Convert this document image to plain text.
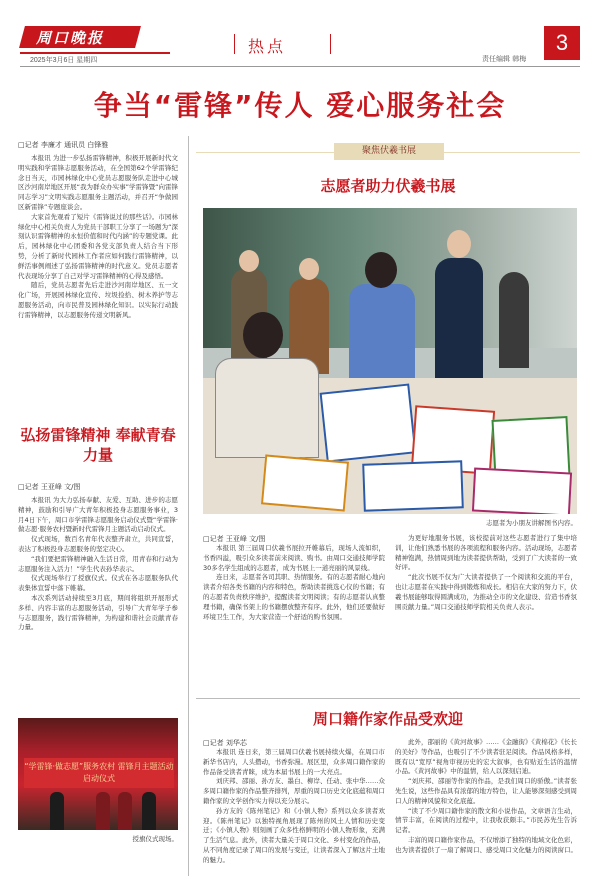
周口晚报
2025年3月6日 星期四
热点
责任编辑 韩梅
3
争当“雷锋”传人 爱心服务社会
□记者 李廉才 通讯员 白锋雅

本报讯 为进一步弘扬雷锋精神，积极开展新时代文明实践和学雷锋志愿服务活动，在全国第62个学雷锋纪念日当天，市园林绿化中心党员志愿服务队走进中心城区沙河南岸地区开展“我为群众办实事”学雷锋暨“向雷锋同志学习”文明实践志愿服务主题活动，并召开“争做园区新雷锋”专题座谈会。

大家首先观看了短片《雷锋说过的那些话》。市园林绿化中心相关负责人为党员干部职工分享了一场题为“深刻认识雷锋精神的永恒价值和时代内涵”的专题党课。此后，园林绿化中心团委和各党支部负责人结合当下形势，分析了新时代园林工作者应如何践行雷锋精神，以鲜活事例阐述了弘扬雷锋精神的时代意义。党员志愿者代表现场分享了自己对学习雷锋精神的心得及感悟。

随后，党员志愿者先后走进沙河南岸地区、五一文化广场，开展园林绿化宣传、垃圾捡拾、树木养护等志愿服务活动，向市民普及园林绿化知识。以实际行动践行雷锋精神，以志愿服务传递文明新风。

弘扬雷锋精神 奉献青春力量
□记者 王亚峰 文/图

本报讯 为大力弘扬奉献、友爱、互助、进步的志愿精神，鼓励和引导广大青年积极投身志愿服务事业，3月4日下午，周口市学雷锋志愿服务启动仪式暨“学雷锋·做志愿·服务农村暨新时代雷锋月主题活动启动仪式。

仪式现场，数百名青年代表整齐肃立，共同宣誓，表达了积极投身志愿服务的坚定决心。

“我们要把雷锋精神融入生活日常，用青春和行动为志愿服务注入活力！”学生代表孙华表示。

仪式现场举行了授旗仪式。仪式在各志愿服务队代表集体宣誓中落下帷幕。

本次系列活动持续至3月底，期间将组织开展形式多样、内容丰富的志愿服务活动，引导广大青年学子参与志愿服务，践行雷锋精神，为构建和谐社会贡献青春力量。

“学雷锋·做志愿”服务农村 雷锋月主题活动启动仪式
授旗仪式现场。
聚焦伏羲书展
志愿者助力伏羲书展
志愿者为小朋友讲解图书内容。
□记者 王亚峰 文/图

本报讯 第三届周口伏羲书展拉开帷幕后，现场人流如织，书香四溢，吸引众多读者前来阅读、购书。由周口交通技师学院30多名学生组成的志愿者，成为书展上一道亮丽的风景线。

连日来，志愿者各司其职、热情服务。有的志愿者耐心地向读者介绍各类书籍的内容和特色，帮助读者挑选心仪的书籍；有的志愿者负责秩序维护，提醒读者文明阅读；有的志愿者认真整理书籍，确保书架上的书籍摆放整齐有序。此外，他们还要做好环境卫生工作，为大家营造一个舒适的购书氛围。

为更好地服务书展，该校提前对这些志愿者进行了集中培训，让他们熟悉书展的各项流程和服务内容。活动现场，志愿者精神饱满，热情周到地为读者提供帮助，受到了广大读者的一致好评。

“此次书展不仅为广大读者提供了一个阅读和交流的平台，也让志愿者在实践中得到锻炼和成长。相信在大家的努力下，伏羲书展能够取得圆满成功，为推动全市的文化建设、营造书香氛围贡献力量。”周口交通技师学院相关负责人表示。

周口籍作家作品受欢迎
□记者 刘华芯

本报讯 连日来，第三届周口伏羲书展持续火爆，在周口市新华书店内，人头攒动，书香弥漫。展区里，众多周口籍作家的作品备受读者青睐，成为本届书展上的一大亮点。

刘庆邦、邵丽、孙方友、墨白、柳岸、任动、张中华……众多周口籍作家的作品整齐排列，厚重的周口历史文化底蕴和周口籍作家的文学创作实力得以充分展示。

孙方友的《陈州笔记》和《小镇人物》系列以众多读者欢迎。《陈州笔记》以独特视角展现了陈州的风土人情和历史变迁；《小镇人物》则刻画了众多性格鲜明的小镇人物形象，充满了生活气息。此外，读者大量关于周口文化、乡村变化的作品，从不同角度记录了周口的发展与变迁，让读者深入了解这片土地的魅力。

此外，邵丽的《黄河故事》……《金融街》《黄棉花》《长长的美好》等作品，也吸引了不少读者驻足阅读。作品风格多样，既有以“宽厚”视角审视历史的宏大叙事，也有贴近生活的温情小品。《黄河故事》中的温情，给人以深刻启迪。

“刘庆邦、邵丽等作家的作品，是我们周口的骄傲。”读者张先生说，这些作品具有浓郁的地方特色，让人能够深刻感受到周口人的精神风貌和文化底蕴。

“读了不少周口籍作家的散文和小说作品，文章语言生动，情节丰富，在阅读的过程中，让我收获颇丰。”市民苏先生告诉记者。

丰富的周口籍作家作品，不仅增添了独特的地域文化色彩，也为读者提供了一扇了解周口、感受周口文化魅力的阅读窗口。
